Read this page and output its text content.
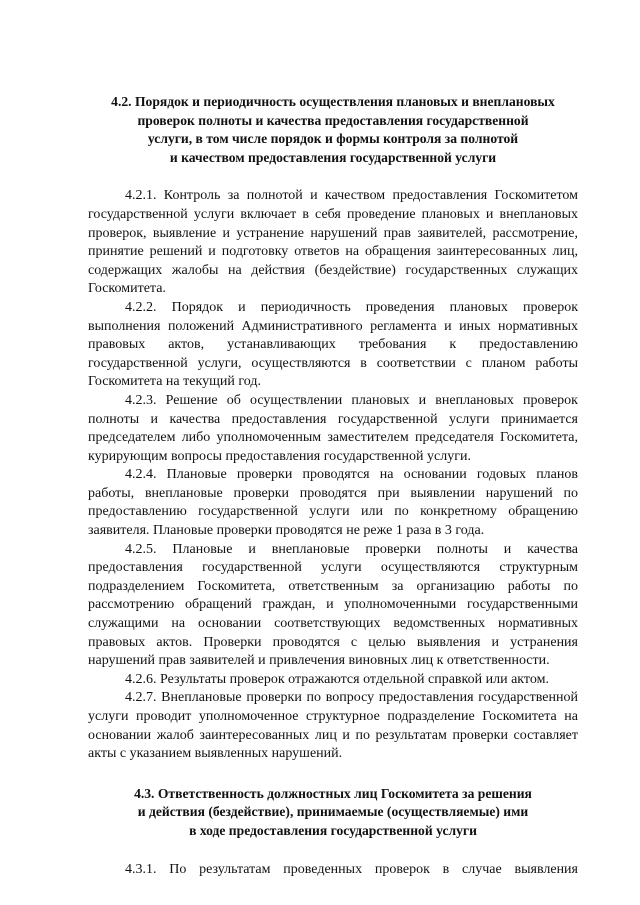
4.2. Порядок и периодичность осуществления плановых и внеплановых
проверок полноты и качества предоставления государственной
услуги, в том числе порядок и формы контроля за полнотой
и качеством предоставления государственной услуги

4.2.1. Контроль за полнотой и качеством предоставления Госкомитетом государственной услуги включает в себя проведение плановых и внеплановых проверок, выявление и устранение нарушений прав заявителей, рассмотрение, принятие решений и подготовку ответов на обращения заинтересованных лиц, содержащих жалобы на действия (бездействие) государственных служащих Госкомитета.

4.2.2. Порядок и периодичность проведения плановых проверок выполнения положений Административного регламента и иных нормативных правовых актов, устанавливающих требования к предоставлению государственной услуги, осуществляются в соответствии с планом работы Госкомитета на текущий год.

4.2.3. Решение об осуществлении плановых и внеплановых проверок полноты и качества предоставления государственной услуги принимается председателем либо уполномоченным заместителем председателя Госкомитета, курирующим вопросы предоставления государственной услуги.

4.2.4. Плановые проверки проводятся на основании годовых планов работы, внеплановые проверки проводятся при выявлении нарушений по предоставлению государственной услуги или по конкретному обращению заявителя. Плановые проверки проводятся не реже 1 раза в 3 года.

4.2.5. Плановые и внеплановые проверки полноты и качества предоставления государственной услуги осуществляются структурным подразделением Госкомитета, ответственным за организацию работы по рассмотрению обращений граждан, и уполномоченными государственными служащими на основании соответствующих ведомственных нормативных правовых актов. Проверки проводятся с целью выявления и устранения нарушений прав заявителей и привлечения виновных лиц к ответственности.

4.2.6. Результаты проверок отражаются отдельной справкой или актом.

4.2.7. Внеплановые проверки по вопросу предоставления государственной услуги проводит уполномоченное структурное подразделение Госкомитета на основании жалоб заинтересованных лиц и по результатам проверки составляет акты с указанием выявленных нарушений.

4.3. Ответственность должностных лиц Госкомитета за решения
и действия (бездействие), принимаемые (осуществляемые) ими
в ходе предоставления государственной услуги

4.3.1. По результатам проведенных проверок в случае выявления
